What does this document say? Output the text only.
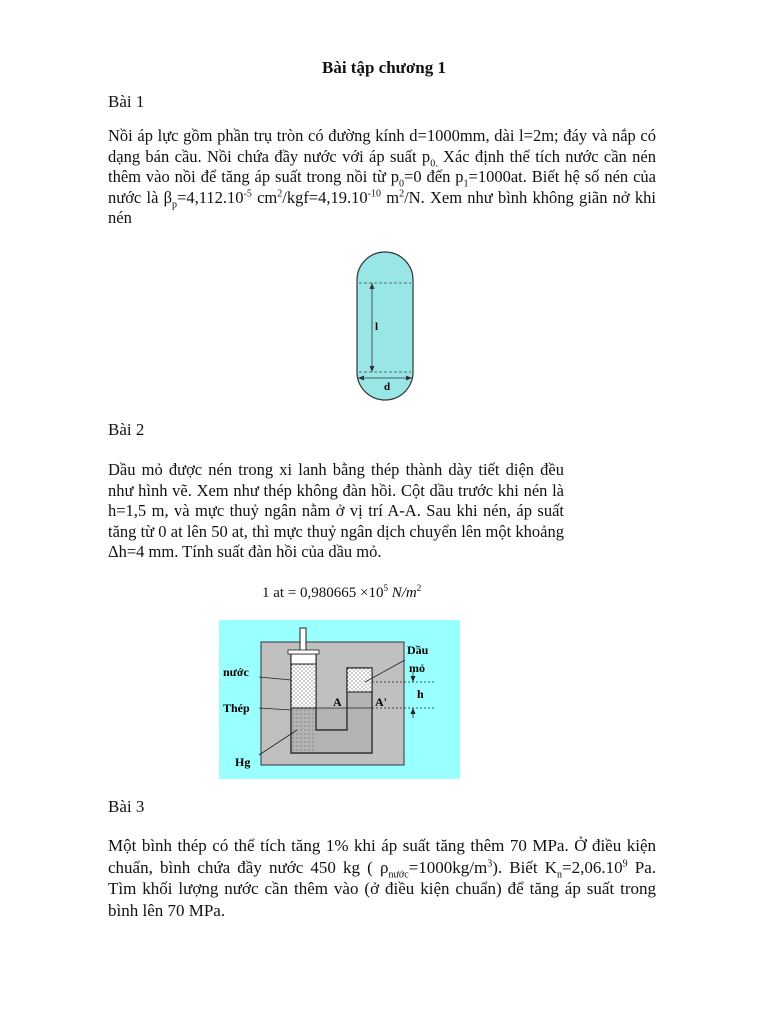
Bài tập chương 1
Bài 1
Nồi áp lực gồm phần trụ tròn có đường kính d=1000mm, dài l=2m; đáy và nắp có dạng bán cầu. Nồi chứa đầy nước với áp suất $p_{0.}$ Xác định thể tích nước cần nén thêm vào nồi để tăng áp suất trong nồi từ $p_0=0$ đến $p_1=1000at$. Biết hệ số nén của nước là $\beta_p=4,112.10^{-5}$ $cm^2/kgf=4,19.10^{-10}$ $m^2/N$. Xem như bình không giãn nở khi nén
l
d
Bài 2
Dầu mỏ được nén trong xi lanh bằng thép thành dày tiết diện đều như hình vẽ. Xem như thép không đàn hồi. Cột dầu trước khi nén là h=1,5 m, và mực thuỷ ngân nằm ở vị trí A-A. Sau khi nén, áp suất tăng từ 0 at lên 50 at, thì mực thuỷ ngân dịch chuyển lên một khoảng Δh=4 mm. Tính suất đàn hồi của dầu mỏ.
1 at = $0,980665 \times 10^5$ $N/m^2$
nước
Thép
Hg
Dầu
mỏ
h
A	A'
Bài 3
Một bình thép có thể tích tăng 1% khi áp suất tăng thêm 70 MPa. Ở điều kiện chuẩn, bình chứa đầy nước 450 kg ( $\rho_{nước}=1000kg/m^3$). Biết $K_n=2,06.10^9$ Pa. Tìm khối lượng nước cần thêm vào (ở điều kiện chuẩn) để tăng áp suất trong bình lên 70 MPa.
